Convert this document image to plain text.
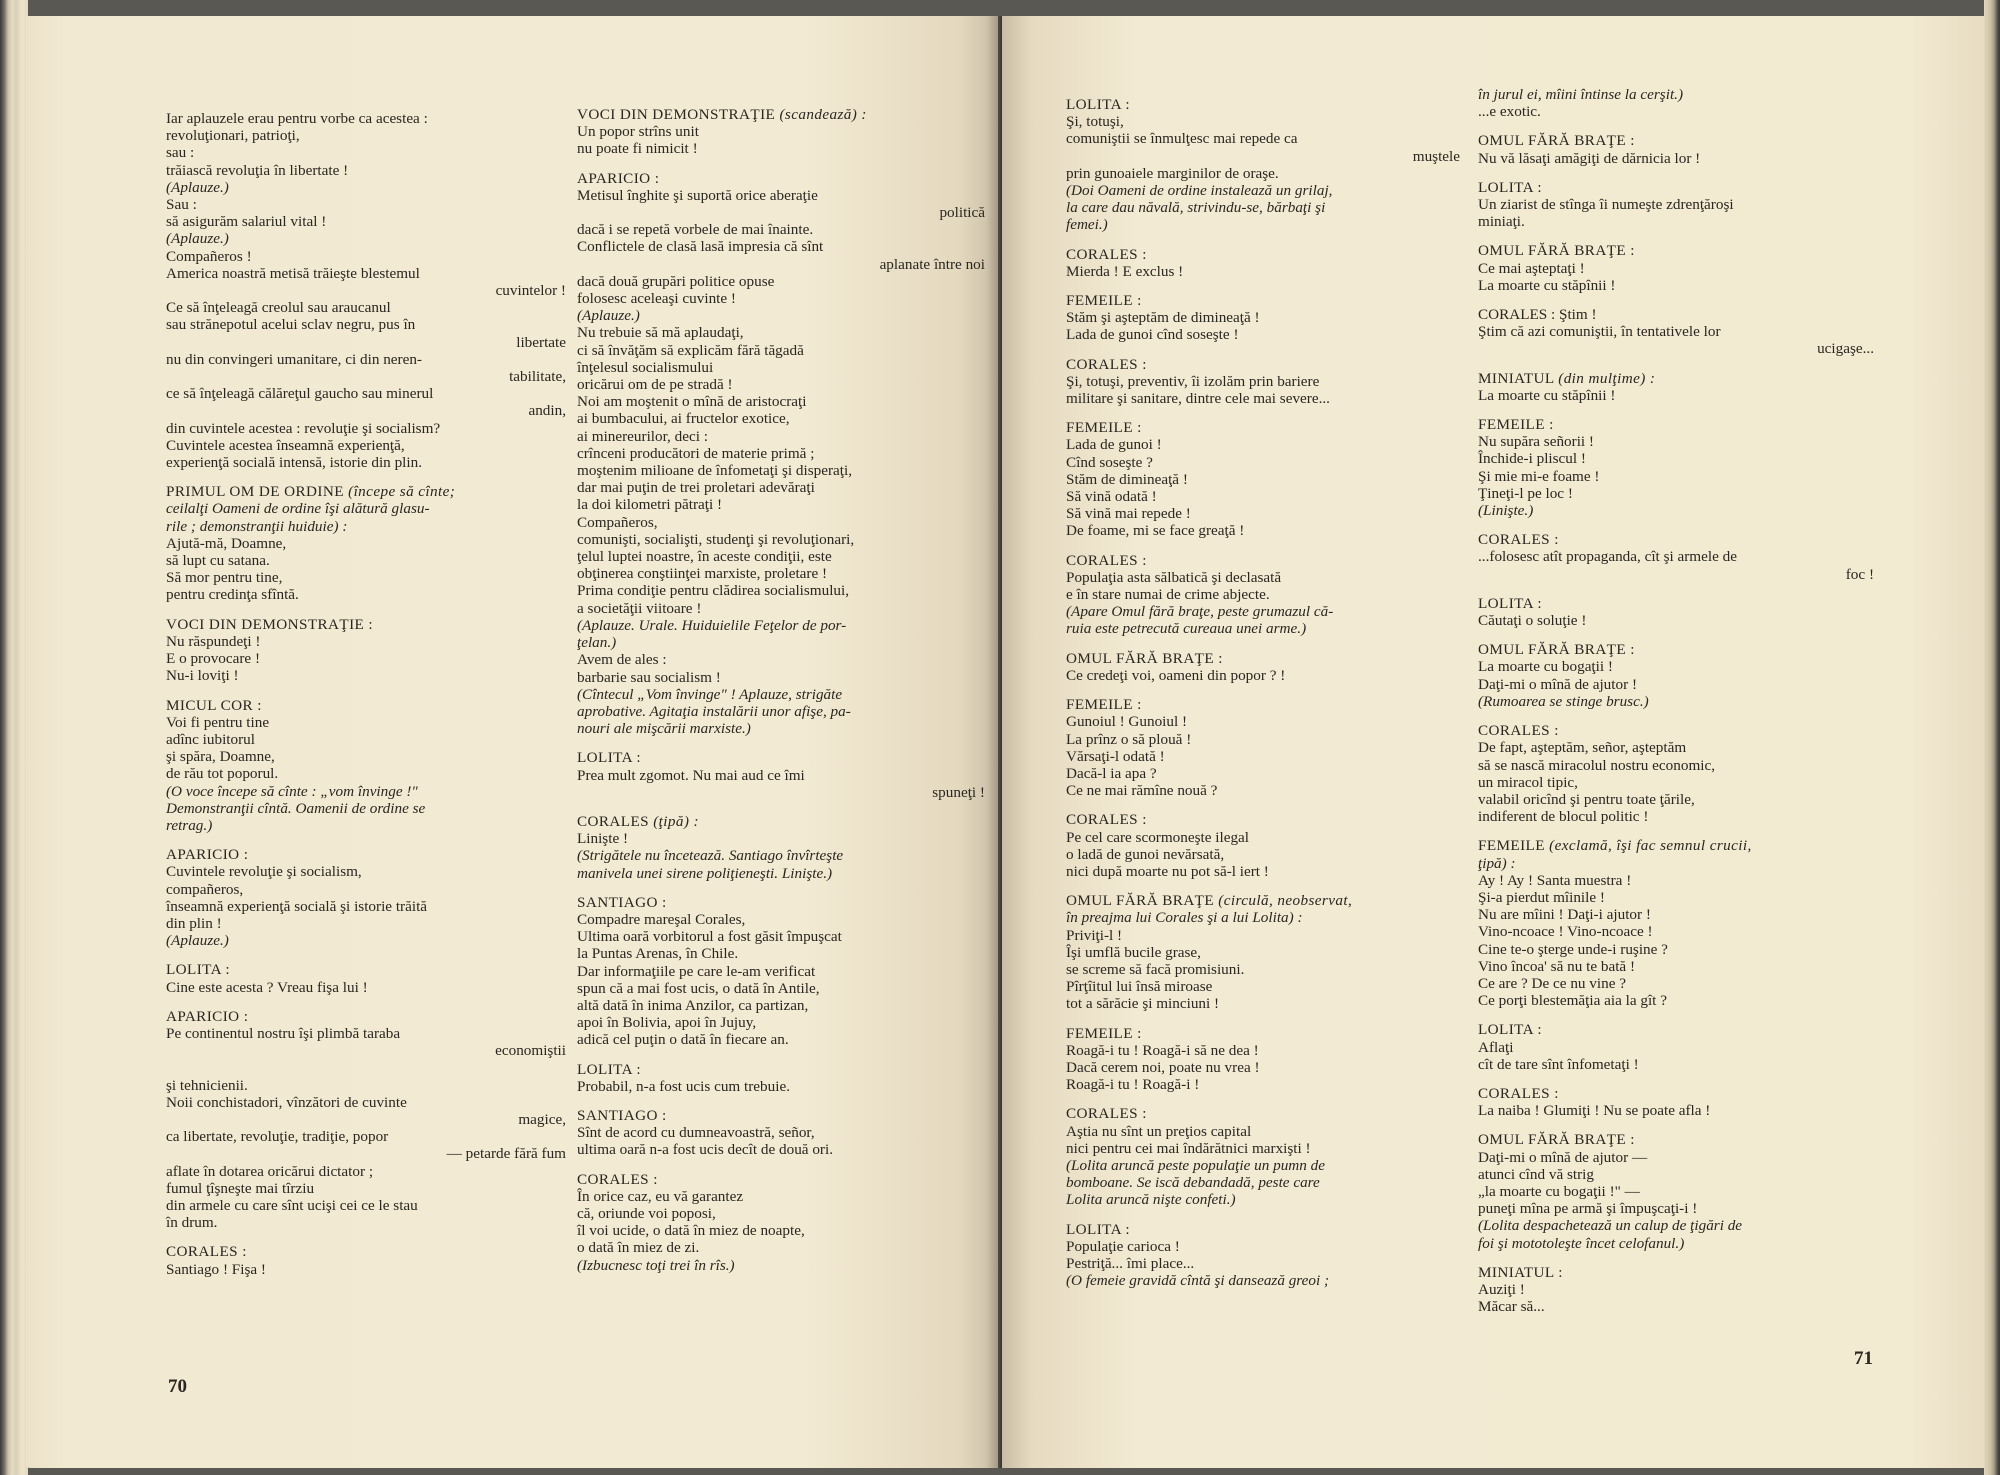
Iar aplauzele erau pentru vorbe ca acestea :
revoluţionari, patrioţi,
sau :
trăiască revoluţia în libertate !
(Aplauze.)
Sau :
să asigurăm salariul vital !
(Aplauze.)
Compañeros !
America noastră metisă trăieşte blestemul
cuvintelor !
Ce să înţeleagă creolul sau araucanul
sau strănepotul acelui sclav negru, pus în
libertate
nu din convingeri umanitare, ci din neren-
tabilitate,
ce să înţeleagă călăreţul gaucho sau minerul
andin,
din cuvintele acestea : revoluţie şi socialism?
Cuvintele acestea înseamnă experienţă,
experienţă socială intensă, istorie din plin.
PRIMUL OM DE ORDINE (începe să cînte;
ceilalţi Oameni de ordine îşi alătură glasu-
rile ; demonstranţii huiduie) :
Ajută-mă, Doamne,
să lupt cu satana.
Să mor pentru tine,
pentru credinţa sfîntă.
VOCI DIN DEMONSTRAŢIE :
Nu răspundeţi !
E o provocare !
Nu-i loviţi !
MICUL COR :
Voi fi pentru tine
adînc iubitorul
şi spăra, Doamne,
de rău tot poporul.
(O voce începe să cînte : „vom învinge !"
Demonstranţii cîntă. Oamenii de ordine se
retrag.)
APARICIO :
Cuvintele revoluţie şi socialism,
compañeros,
înseamnă experienţă socială şi istorie trăită
din plin !
(Aplauze.)
LOLITA :
Cine este acesta ? Vreau fişa lui !
APARICIO :
Pe continentul nostru îşi plimbă taraba
economiştii

şi tehnicienii.
Noii conchistadori, vînzători de cuvinte
magice,
ca libertate, revoluţie, tradiţie, popor
— petarde fără fum
aflate în dotarea oricărui dictator ;
fumul ţîşneşte mai tîrziu
din armele cu care sînt ucişi cei ce le stau
în drum.
CORALES :
Santiago ! Fişa !
VOCI DIN DEMONSTRAŢIE (scandează) :
Un popor strîns unit
nu poate fi nimicit !
APARICIO :
Metisul înghite şi suportă orice aberaţie
politică
dacă i se repetă vorbele de mai înainte.
Conflictele de clasă lasă impresia că sînt
aplanate între noi
dacă două grupări politice opuse
folosesc aceleaşi cuvinte !
(Aplauze.)
Nu trebuie să mă aplaudaţi,
ci să învăţăm să explicăm fără tăgadă
înţelesul socialismului
oricărui om de pe stradă !
Noi am moştenit o mînă de aristocraţi
ai bumbacului, ai fructelor exotice,
ai minereurilor, deci :
crînceni producători de materie primă ;
moştenim milioane de înfometaţi şi disperaţi,
dar mai puţin de trei proletari adevăraţi
la doi kilometri pătraţi !
Compañeros,
comunişti, socialişti, studenţi şi revoluţionari,
ţelul luptei noastre, în aceste condiţii, este
obţinerea conştiinţei marxiste, proletare !
Prima condiţie pentru clădirea socialismului,
a societăţii viitoare !
(Aplauze. Urale. Huiduielile Feţelor de por-
ţelan.)
Avem de ales :
barbarie sau socialism !
(Cîntecul „Vom învinge" ! Aplauze, strigăte
aprobative. Agitaţia instalării unor afişe, pa-
nouri ale mişcării marxiste.)
LOLITA :
Prea mult zgomot. Nu mai aud ce îmi
spuneţi !
CORALES (ţipă) :
Linişte !
(Strigătele nu încetează. Santiago învîrteşte
manivela unei sirene poliţieneşti. Linişte.)
SANTIAGO :
Compadre mareşal Corales,
Ultima oară vorbitorul a fost găsit împuşcat
la Puntas Arenas, în Chile.
Dar informaţiile pe care le-am verificat
spun că a mai fost ucis, o dată în Antile,
altă dată în inima Anzilor, ca partizan,
apoi în Bolivia, apoi în Jujuy,
adică cel puţin o dată în fiecare an.
LOLITA :
Probabil, n-a fost ucis cum trebuie.
SANTIAGO :
Sînt de acord cu dumneavoastră, señor,
ultima oară n-a fost ucis decît de două ori.
CORALES :
În orice caz, eu vă garantez
că, oriunde voi poposi,
îl voi ucide, o dată în miez de noapte,
o dată în miez de zi.
(Izbucnesc toţi trei în rîs.)
70
LOLITA :
Şi, totuşi,
comuniştii se înmulţesc mai repede ca
muştele
prin gunoaiele marginilor de oraşe.
(Doi Oameni de ordine instalează un grilaj,
la care dau năvală, strivindu-se, bărbaţi şi
femei.)
CORALES :
Mierda ! E exclus !
FEMEILE :
Stăm şi aşteptăm de dimineaţă !
Lada de gunoi cînd soseşte !
CORALES :
Şi, totuşi, preventiv, îi izolăm prin bariere
militare şi sanitare, dintre cele mai severe...
FEMEILE :
Lada de gunoi !
Cînd soseşte ?
Stăm de dimineaţă !
Să vină odată !
Să vină mai repede !
De foame, mi se face greaţă !
CORALES :
Populaţia asta sălbatică şi declasată
e în stare numai de crime abjecte.
(Apare Omul fără braţe, peste grumazul că-
ruia este petrecută cureaua unei arme.)
OMUL FĂRĂ BRAŢE :
Ce credeţi voi, oameni din popor ? !
FEMEILE :
Gunoiul ! Gunoiul !
La prînz o să plouă !
Vărsaţi-l odată !
Dacă-l ia apa ?
Ce ne mai rămîne nouă ?
CORALES :
Pe cel care scormoneşte ilegal
o ladă de gunoi nevărsată,
nici după moarte nu pot să-l iert !
OMUL FĂRĂ BRAŢE (circulă, neobservat,
în preajma lui Corales şi a lui Lolita) :
Priviţi-l !
Îşi umflă bucile grase,
se screme să facă promisiuni.
Pîrţîitul lui însă miroase
tot a sărăcie şi minciuni !
FEMEILE :
Roagă-i tu ! Roagă-i să ne dea !
Dacă cerem noi, poate nu vrea !
Roagă-i tu ! Roagă-i !
CORALES :
Aştia nu sînt un preţios capital
nici pentru cei mai îndărătnici marxişti !
(Lolita aruncă peste populaţie un pumn de
bomboane. Se iscă debandadă, peste care
Lolita aruncă nişte confeti.)
LOLITA :
Populaţie carioca !
Pestriţă... îmi place...
(O femeie gravidă cîntă şi dansează greoi ;
în jurul ei, mîini întinse la cerşit.)
...e exotic.
OMUL FĂRĂ BRAŢE :
Nu vă lăsaţi amăgiţi de dărnicia lor !
LOLITA :
Un ziarist de stînga îi numeşte zdrenţăroşi
miniaţi.
OMUL FĂRĂ BRAŢE :
Ce mai aşteptaţi !
La moarte cu stăpînii !
CORALES : Ştim !
Ştim că azi comuniştii, în tentativele lor
ucigaşe...
MINIATUL (din mulţime) :
La moarte cu stăpînii !
FEMEILE :
Nu supăra señorii !
Închide-i pliscul !
Şi mie mi-e foame !
Ţineţi-l pe loc !
(Linişte.)
CORALES :
...folosesc atît propaganda, cît şi armele de
foc !
LOLITA :
Căutaţi o soluţie !
OMUL FĂRĂ BRAŢE :
La moarte cu bogaţii !
Daţi-mi o mînă de ajutor !
(Rumoarea se stinge brusc.)
CORALES :
De fapt, aşteptăm, señor, aşteptăm
să se nască miracolul nostru economic,
un miracol tipic,
valabil oricînd şi pentru toate ţările,
indiferent de blocul politic !
FEMEILE (exclamă, îşi fac semnul crucii,
ţipă) :
Ay ! Ay ! Santa muestra !
Şi-a pierdut mîinile !
Nu are mîini ! Daţi-i ajutor !
Vino-ncoace ! Vino-ncoace !
Cine te-o şterge unde-i ruşine ?
Vino încoa' să nu te bată !
Ce are ? De ce nu vine ?
Ce porţi blestemăţia aia la gît ?
LOLITA :
Aflaţi
cît de tare sînt înfometaţi !
CORALES :
La naiba ! Glumiţi ! Nu se poate afla !
OMUL FĂRĂ BRAŢE :
Daţi-mi o mînă de ajutor —
atunci cînd vă strig
„la moarte cu bogaţii !" —
puneţi mîna pe armă şi împuşcaţi-i !
(Lolita despachetează un calup de ţigări de
foi şi mototoleşte încet celofanul.)
MINIATUL :
Auziţi !
Măcar să...
71
